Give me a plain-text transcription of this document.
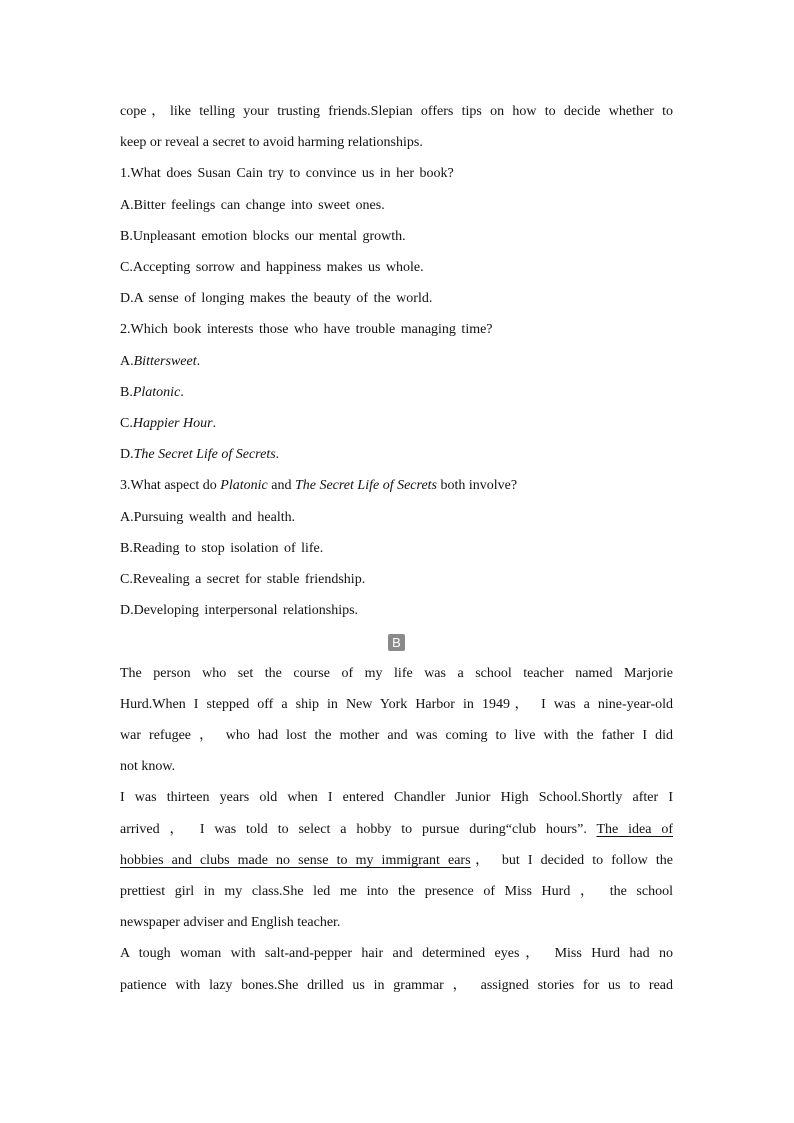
cope，like telling your trusting friends.Slepian offers tips on how to decide whether to
keep or reveal a secret to avoid harming relationships.
1.What does Susan Cain try to convince us in her book?
A.Bitter feelings can change into sweet ones.
B.Unpleasant emotion blocks our mental growth.
C.Accepting sorrow and happiness makes us whole.
D.A sense of longing makes the beauty of the world.
2.Which book interests those who have trouble managing time?
A.Bittersweet.
B.Platonic.
C.Happier Hour.
D.The Secret Life of Secrets.
3.What aspect do Platonic and The Secret Life of Secrets both involve?
A.Pursuing wealth and health.
B.Reading to stop isolation of life.
C.Revealing a secret for stable friendship.
D.Developing interpersonal relationships.
B
The person who set the course of my life was a school teacher named Marjorie
Hurd.When I stepped off a ship in New York Harbor in 1949， I was a nine-year-old
war refugee ， who had lost the mother and was coming to live with the father I did
not know.
I was thirteen years old when I entered Chandler Junior High School.Shortly after I
arrived ， I was told to select a hobby to pursue during“club hours”. The idea of
hobbies and clubs made no sense to my immigrant ears， but I decided to follow the
prettiest girl in my class.She led me into the presence of Miss Hurd ， the school
newspaper adviser and English teacher.
A tough woman with salt-and-pepper hair and determined eyes， Miss Hurd had no
patience with lazy bones.She drilled us in grammar ， assigned stories for us to read
